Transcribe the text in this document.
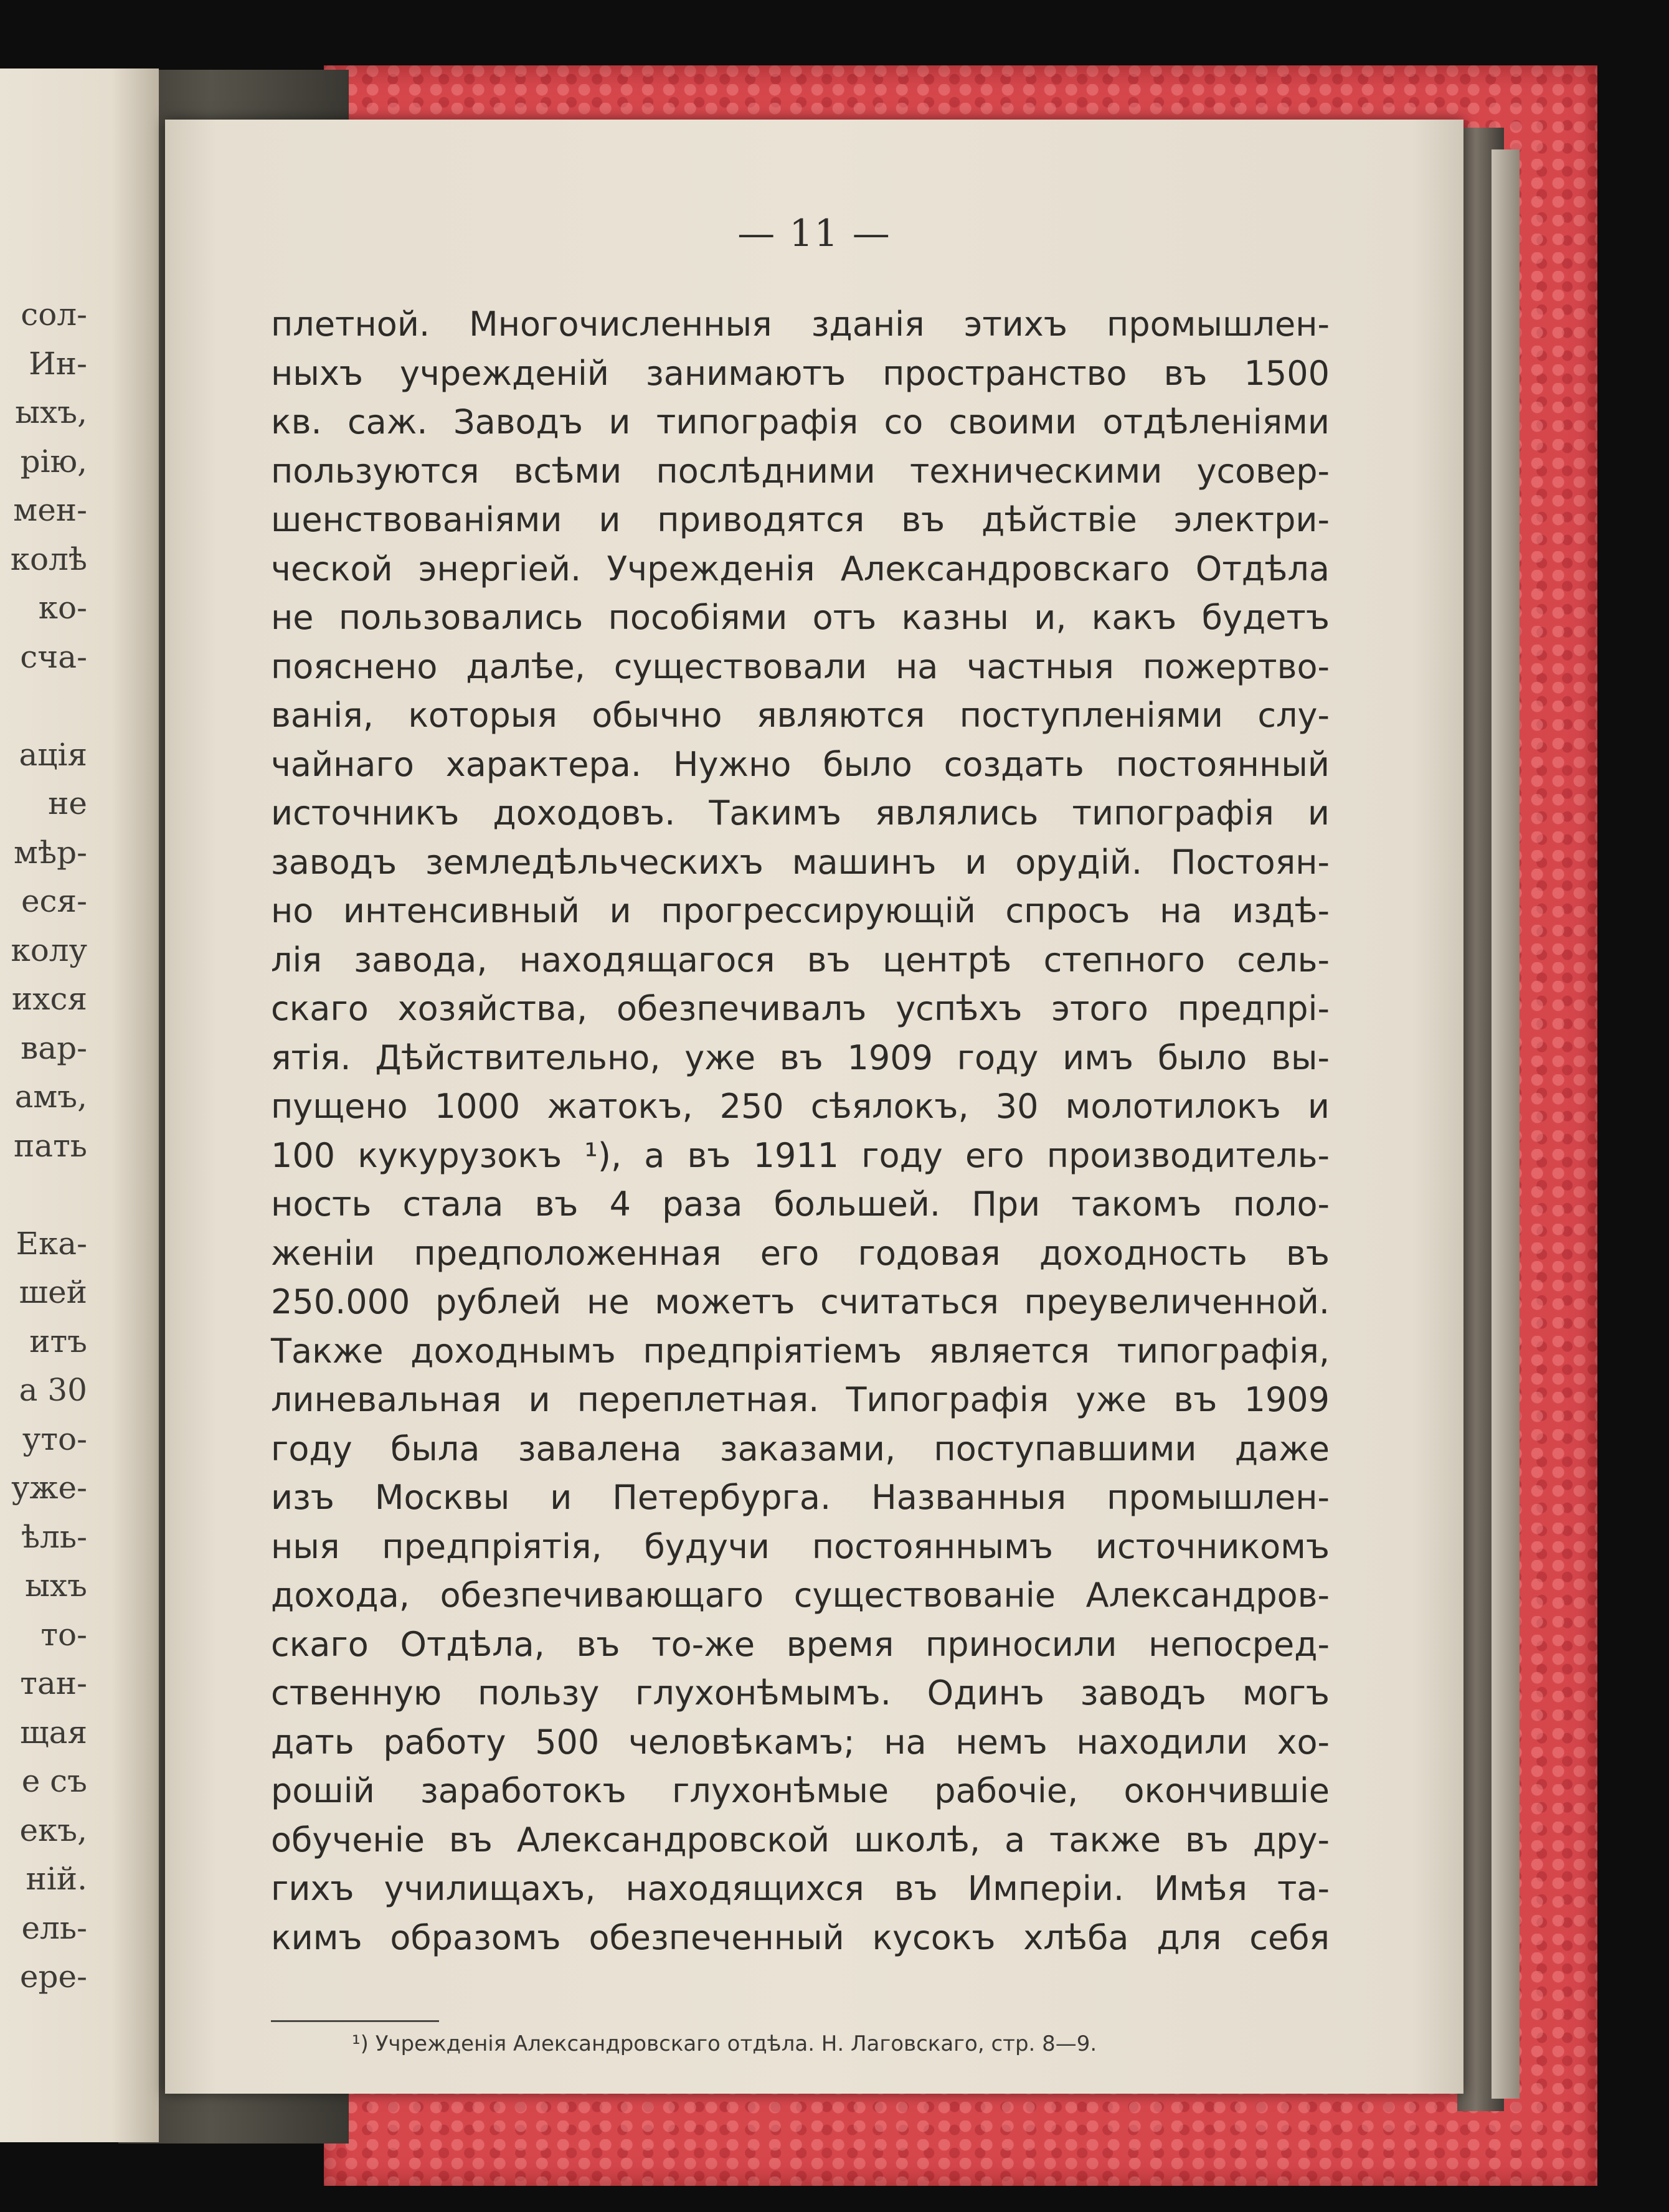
сол-
Ин-
ыхъ,
рію,
мен-
колѣ
ко-
сча-
ація
не
мѣр-
еся-
колу
ихся
вар-
амъ,
пать
Ека-
шей
итъ
а 30
уто-
уже-
ѣль-
ыхъ
то-
тан-
щая
е съ
екъ,
ній.
ель-
ере-
— 11 —
плетной. Многочисленныя зданія этихъ промышлен-
ныхъ учрежденій занимаютъ пространство въ 1500
кв. саж. Заводъ и типографія со своими отдѣленіями
пользуются всѣми послѣдними техническими усовер-
шенствованіями и приводятся въ дѣйствіе электри-
ческой энергіей. Учрежденія Александровскаго Отдѣла
не пользовались пособіями отъ казны и, какъ будетъ
пояснено далѣе, существовали на частныя пожертво-
ванія, которыя обычно являются поступленіями слу-
чайнаго характера. Нужно было создать постоянный
источникъ доходовъ. Такимъ являлись типографія и
заводъ земледѣльческихъ машинъ и орудій. Постоян-
но интенсивный и прогрессирующій спросъ на издѣ-
лія завода, находящагося въ центрѣ степного сель-
скаго хозяйства, обезпечивалъ успѣхъ этого предпрі-
ятія. Дѣйствительно, уже въ 1909 году имъ было вы-
пущено 1000 жатокъ, 250 сѣялокъ, 30 молотилокъ и
100 кукурузокъ ¹), а въ 1911 году его производитель-
ность стала въ 4 раза большей. При такомъ поло-
женіи предположенная его годовая доходность въ
250.000 рублей не можетъ считаться преувеличенной.
Также доходнымъ предпріятіемъ является типографія,
линевальная и переплетная. Типографія уже въ 1909
году была завалена заказами, поступавшими даже
изъ Москвы и Петербурга. Названныя промышлен-
ныя предпріятія, будучи постояннымъ источникомъ
дохода, обезпечивающаго существованіе Александров-
скаго Отдѣла, въ то-же время приносили непосред-
ственную пользу глухонѣмымъ. Одинъ заводъ могъ
дать работу 500 человѣкамъ; на немъ находили хо-
рошій заработокъ глухонѣмые рабочіе, окончившіе
обученіе въ Александровской школѣ, а также въ дру-
гихъ училищахъ, находящихся въ Имперіи. Имѣя та-
кимъ образомъ обезпеченный кусокъ хлѣба для себя
¹) Учрежденія Александровскаго отдѣла. Н. Лаговскаго, стр. 8—9.
